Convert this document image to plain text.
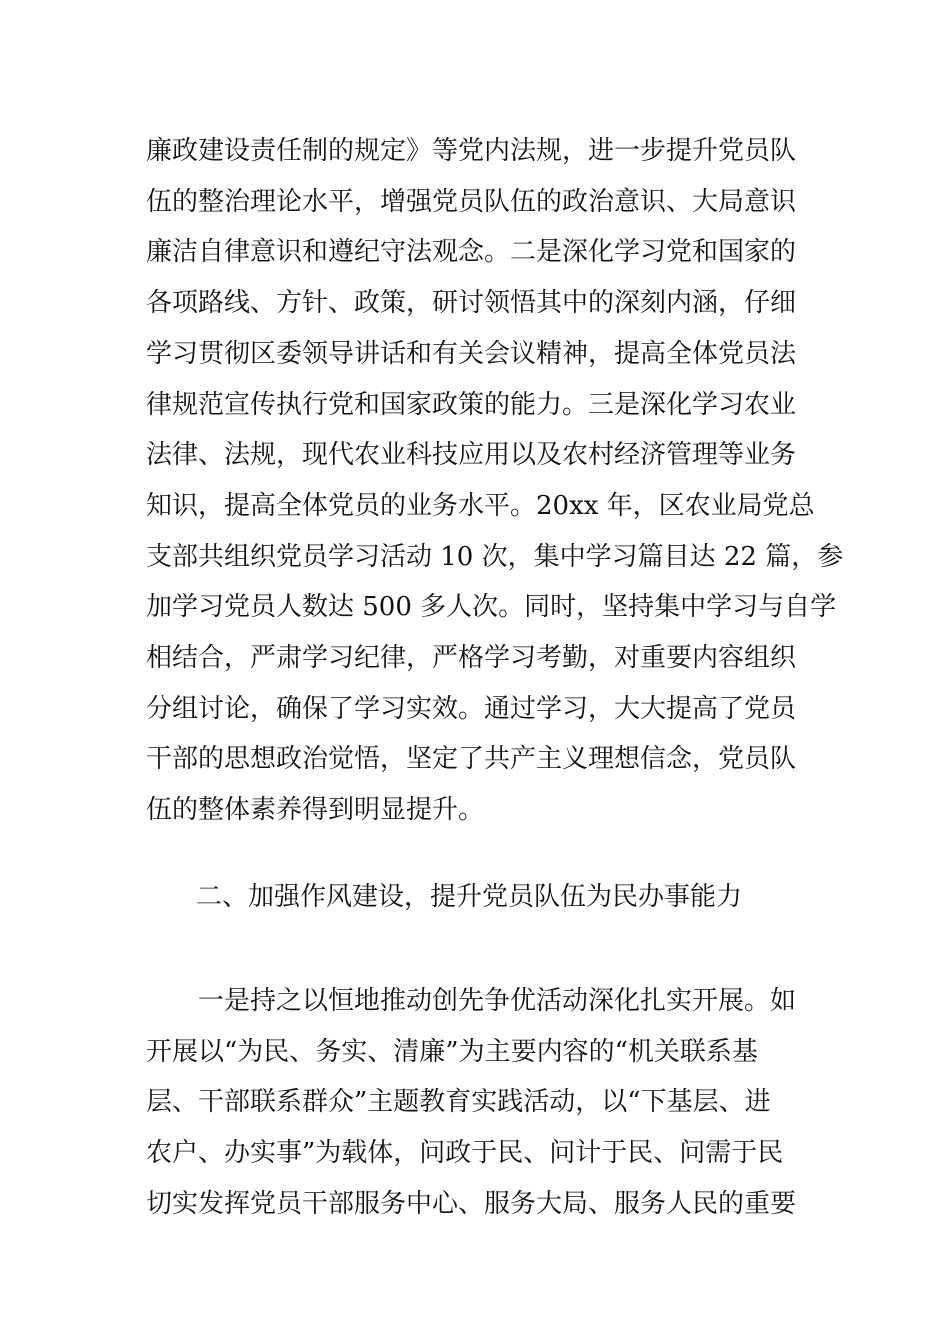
廉政建设责任制的规定》等党内法规，进一步提升党员队
伍的整治理论水平，增强党员队伍的政治意识、大局意识
廉洁自律意识和遵纪守法观念。二是深化学习党和国家的
各项路线、方针、政策，研讨领悟其中的深刻内涵，仔细
学习贯彻区委领导讲话和有关会议精神，提高全体党员法
律规范宣传执行党和国家政策的能力。三是深化学习农业
法律、法规，现代农业科技应用以及农村经济管理等业务
知识，提高全体党员的业务水平。20xx 年，区农业局党总
支部共组织党员学习活动 10 次，集中学习篇目达 22 篇，参
加学习党员人数达 500 多人次。同时，坚持集中学习与自学
相结合，严肃学习纪律，严格学习考勤，对重要内容组织
分组讨论，确保了学习实效。通过学习，大大提高了党员
干部的思想政治觉悟，坚定了共产主义理想信念，党员队
伍的整体素养得到明显提升。

二、加强作风建设，提升党员队伍为民办事能力

一是持之以恒地推动创先争优活动深化扎实开展。如
开展以“为民、务实、清廉”为主要内容的“机关联系基
层、干部联系群众”主题教育实践活动，以“下基层、进
农户、办实事”为载体，问政于民、问计于民、问需于民
切实发挥党员干部服务中心、服务大局、服务人民的重要
